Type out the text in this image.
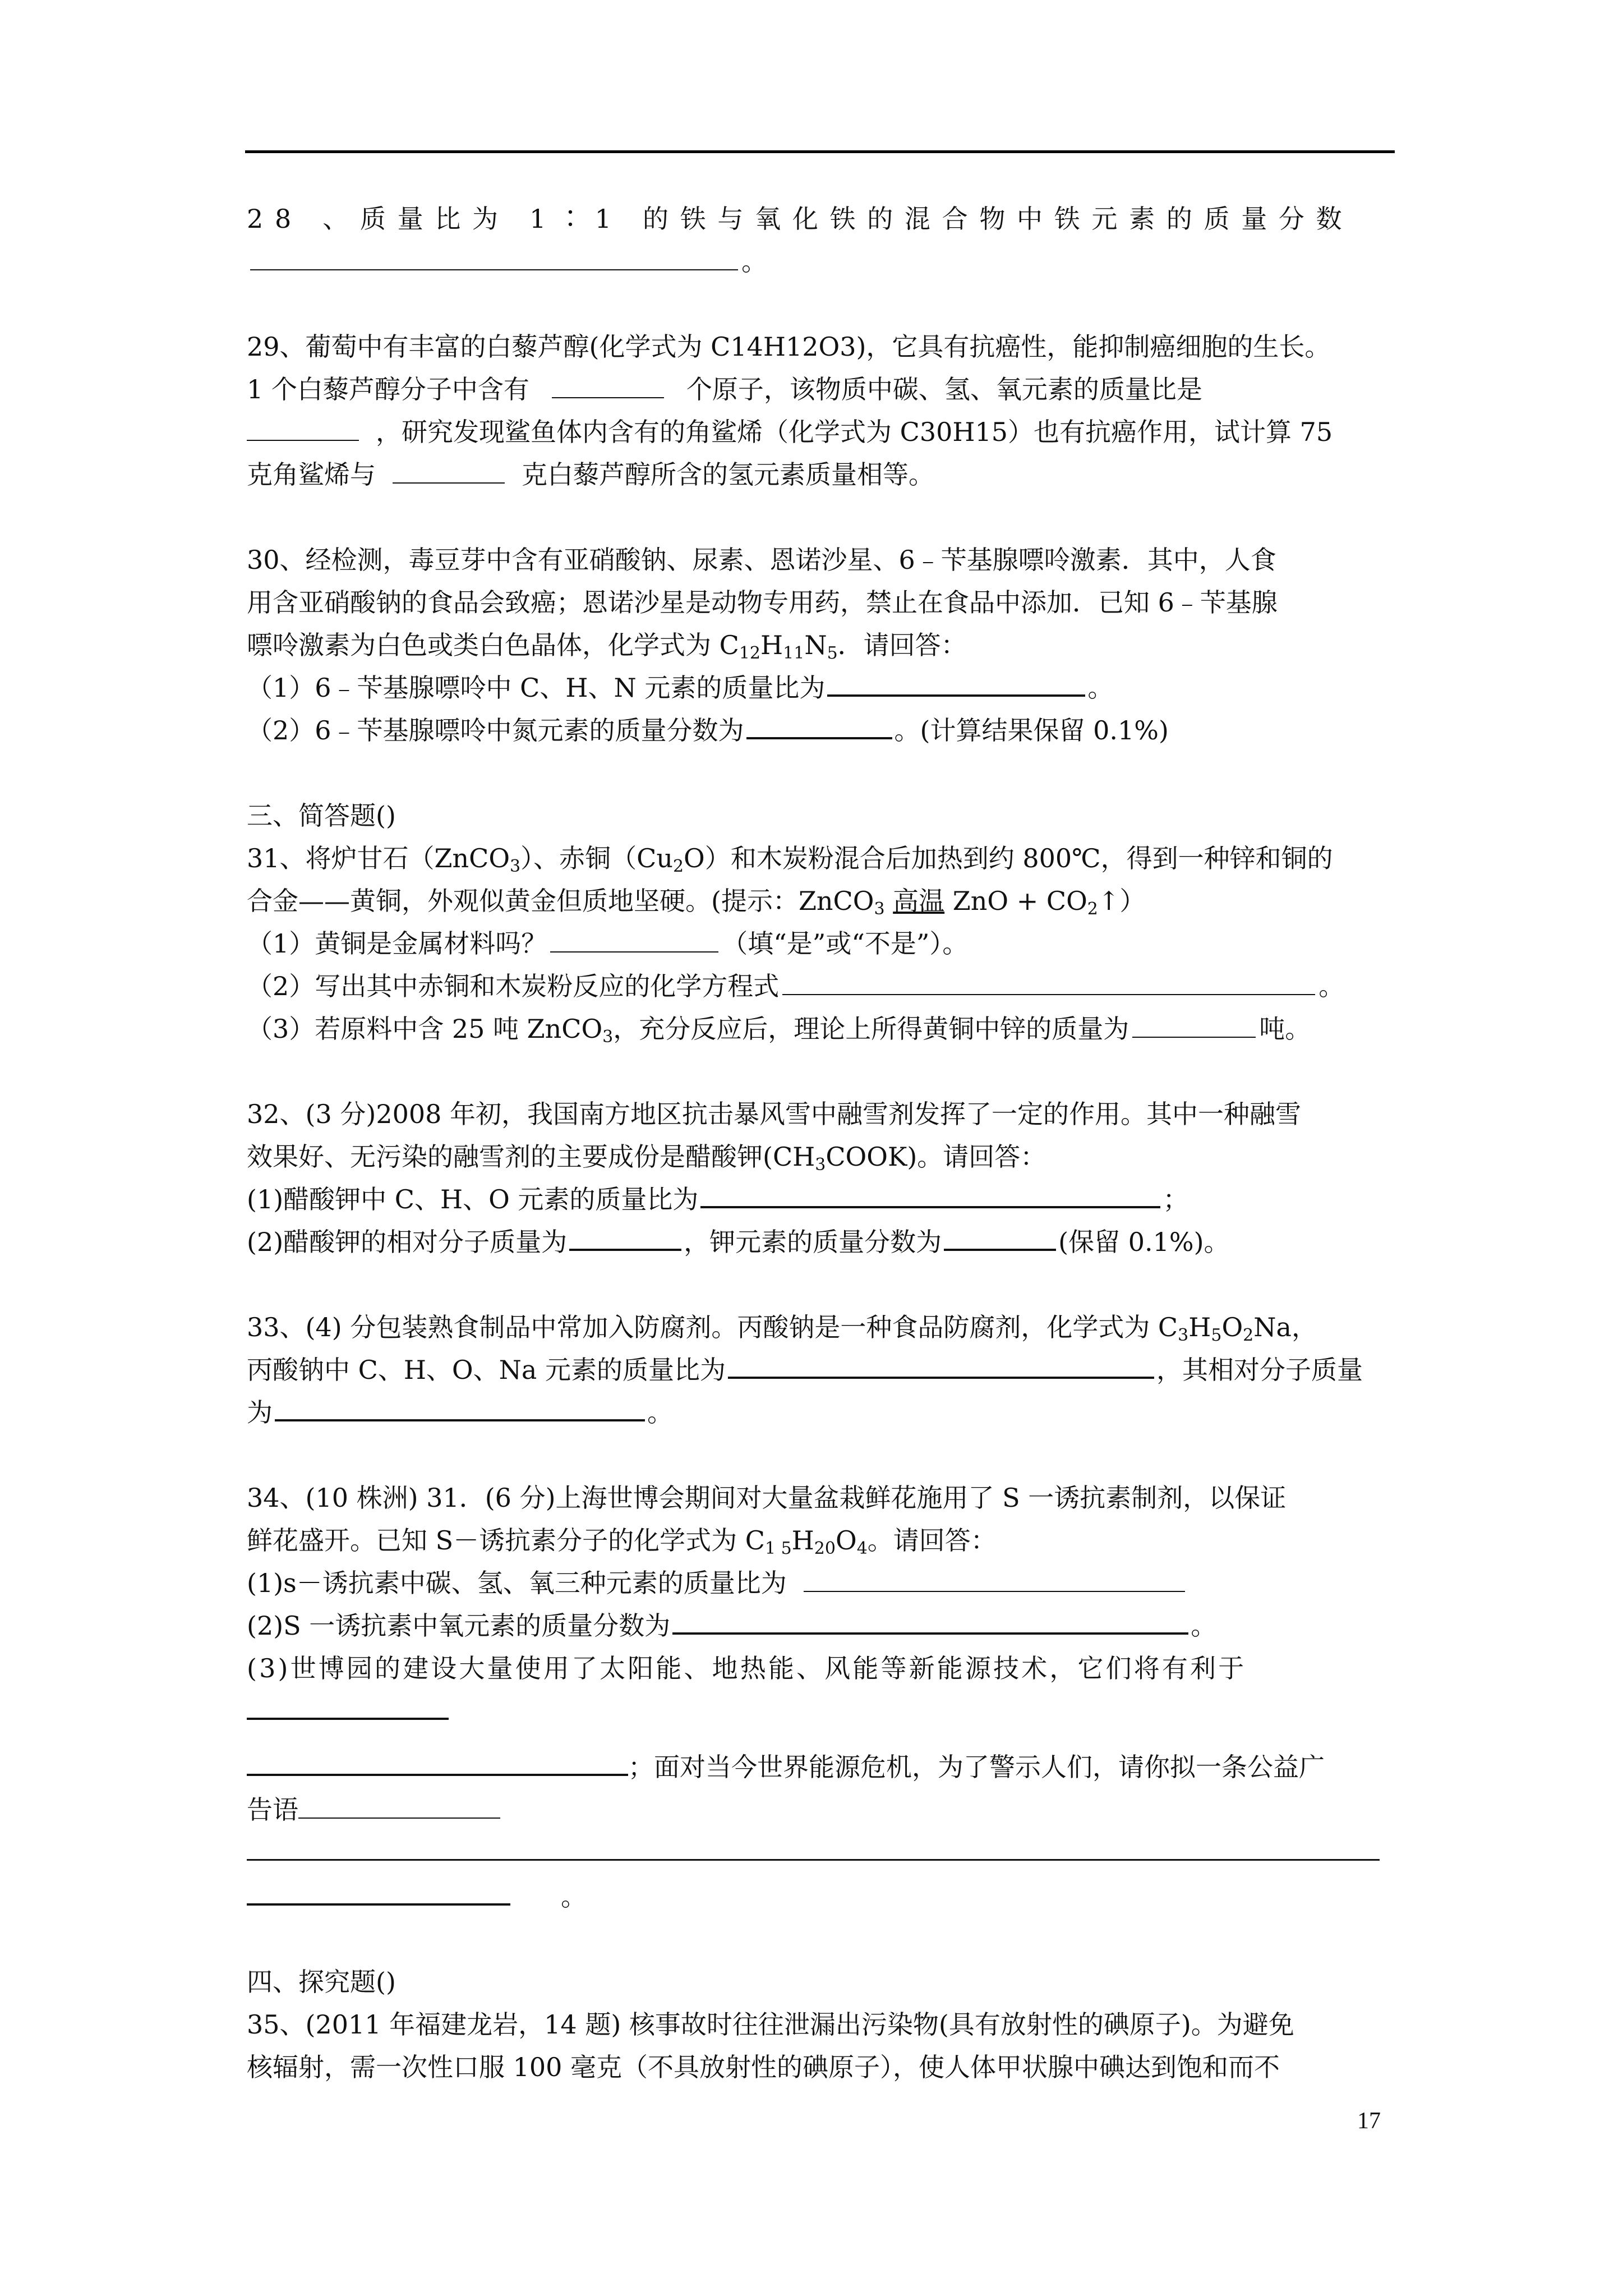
28 、质量比为 1∶1 的铁与氧化铁的混合物中铁元素的质量分数
。
29、葡萄中有丰富的白藜芦醇(化学式为 C14H12O3)，它具有抗癌性，能抑制癌细胞的生长。
1 个白藜芦醇分子中含有	个原子，该物质中碳、氢、氧元素的质量比是
，研究发现鲨鱼体内含有的角鲨烯（化学式为 C30H15）也有抗癌作用，试计算 75
克角鲨烯与	克白藜芦醇所含的氢元素质量相等。
30、经检测，毒豆芽中含有亚硝酸钠、尿素、恩诺沙星、6﹣苄基腺嘌呤激素．其中，人食
用含亚硝酸钠的食品会致癌；恩诺沙星是动物专用药，禁止在食品中添加．已知 6﹣苄基腺
嘌呤激素为白色或类白色晶体，化学式为 $C_{12}H_{11}N_5$．请回答：
（1）6﹣苄基腺嘌呤中 C、H、N 元素的质量比为	。
（2）6﹣苄基腺嘌呤中氮元素的质量分数为	。(计算结果保留 0.1%)
三、简答题()
31、将炉甘石（ZnCO$_3$）、赤铜$(Cu_2O)$和木炭粉混合后加热到约 800℃，得到一种锌和铜的
合金——黄铜，外观似黄金但质地坚硬。(提示：ZnCO$_3$ 高温 ZnO + $CO_2↑$）
（1）黄铜是金属材料吗？	（填“是”或“不是”）。
（2）写出其中赤铜和木炭粉反应的化学方程式	。
（3）若原料中含 25 吨 ZnCO$_3$，充分反应后，理论上所得黄铜中锌的质量为	吨。
32、(3 分)2008 年初，我国南方地区抗击暴风雪中融雪剂发挥了一定的作用。其中一种融雪
效果好、无污染的融雪剂的主要成份是醋酸钾$(CH_3COOK)$。请回答：
(1)醋酸钾中 C、H、O 元素的质量比为	；
(2)醋酸钾的相对分子质量为	，钾元素的质量分数为	(保留 0.1%)。
33、(4) 分包装熟食制品中常加入防腐剂。丙酸钠是一种食品防腐剂，化学式为 $C_3H_5O_2Na$，
丙酸钠中 C、H、O、Na 元素的质量比为	，其相对分子质量
为	。
34、(10 株洲) 31．(6 分)上海世博会期间对大量盆栽鲜花施用了 S 一诱抗素制剂，以保证
鲜花盛开。已知 S－诱抗素分子的化学式为 $C_{1 5}H_{20}O_4$。请回答：
(1)s－诱抗素中碳、氢、氧三种元素的质量比为
(2)S 一诱抗素中氧元素的质量分数为	。
(3)世博园的建设大量使用了太阳能、地热能、风能等新能源技术，它们将有利于
；面对当今世界能源危机，为了警示人们，请你拟一条公益广
告语
。
四、探究题()
35、(2011 年福建龙岩，14 题) 核事故时往往泄漏出污染物(具有放射性的碘原子)。为避免
核辐射，需一次性口服 100 毫克（不具放射性的碘原子），使人体甲状腺中碘达到饱和而不
17
